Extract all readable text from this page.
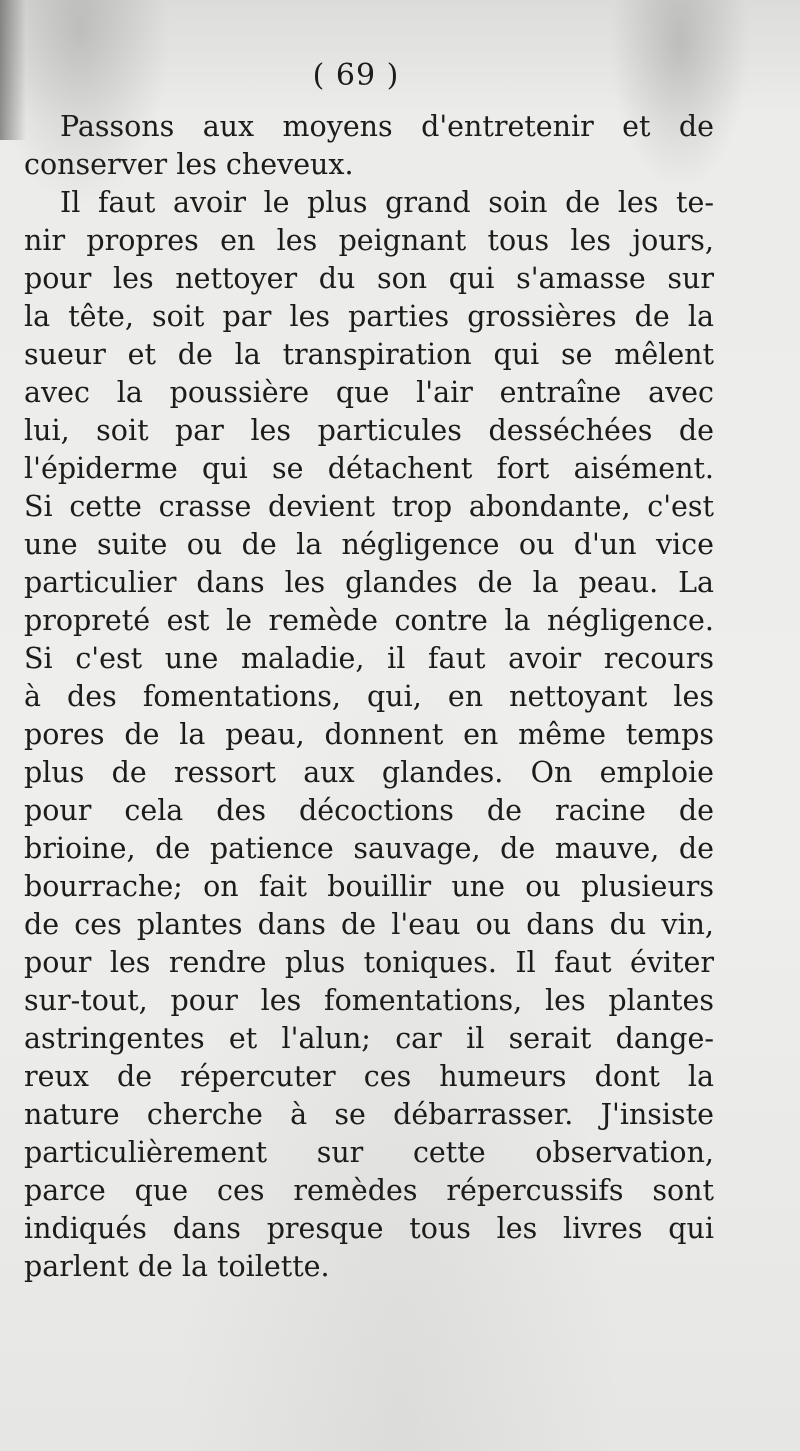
( 69 )
Passons aux moyens d'entretenir et de
conserver les cheveux.
Il faut avoir le plus grand soin de les te-
nir propres en les peignant tous les jours,
pour les nettoyer du son qui s'amasse sur
la tête, soit par les parties grossières de la
sueur et de la transpiration qui se mêlent
avec la poussière que l'air entraîne avec
lui, soit par les particules desséchées de
l'épiderme qui se détachent fort aisément.
Si cette crasse devient trop abondante, c'est
une suite ou de la négligence ou d'un vice
particulier dans les glandes de la peau. La
propreté est le remède contre la négligence.
Si c'est une maladie, il faut avoir recours
à des fomentations, qui, en nettoyant les
pores de la peau, donnent en même temps
plus de ressort aux glandes. On emploie
pour cela des décoctions de racine de
brioine, de patience sauvage, de mauve, de
bourrache; on fait bouillir une ou plusieurs
de ces plantes dans de l'eau ou dans du vin,
pour les rendre plus toniques. Il faut éviter
sur-tout, pour les fomentations, les plantes
astringentes et l'alun; car il serait dange-
reux de répercuter ces humeurs dont la
nature cherche à se débarrasser. J'insiste
particulièrement sur cette observation,
parce que ces remèdes répercussifs sont
indiqués dans presque tous les livres qui
parlent de la toilette.
